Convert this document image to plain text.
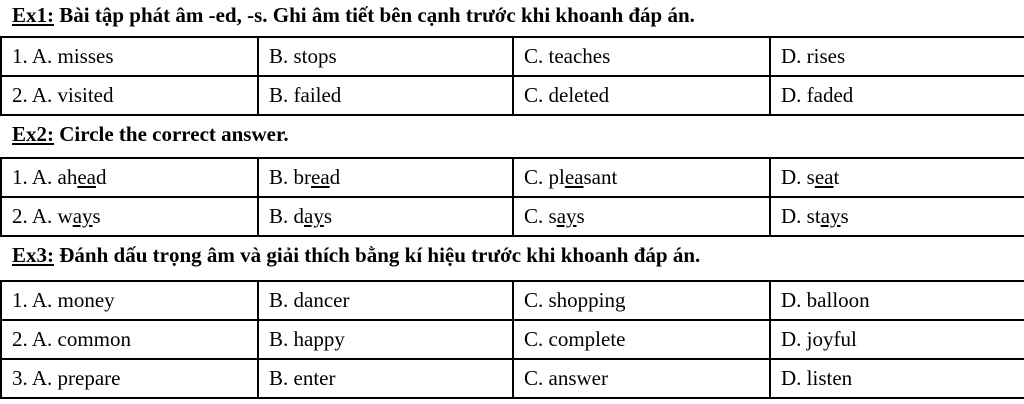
Ex1: Bài tập phát âm -ed, -s. Ghi âm tiết bên cạnh trước khi khoanh đáp án.
1. A. misses	B. stops	C. teaches	D. rises
2. A. visited	B. failed	C. deleted	D. faded
Ex2: Circle the correct answer.
1. A. ahead	B. bread	C. pleasant	D. seat
2. A. ways	B. days	C. says	D. stays
Ex3: Đánh dấu trọng âm và giải thích bằng kí hiệu trước khi khoanh đáp án.
1. A. money	B. dancer	C. shopping	D. balloon
2. A. common	B. happy	C. complete	D. joyful
3. A. prepare	B. enter	C. answer	D. listen
